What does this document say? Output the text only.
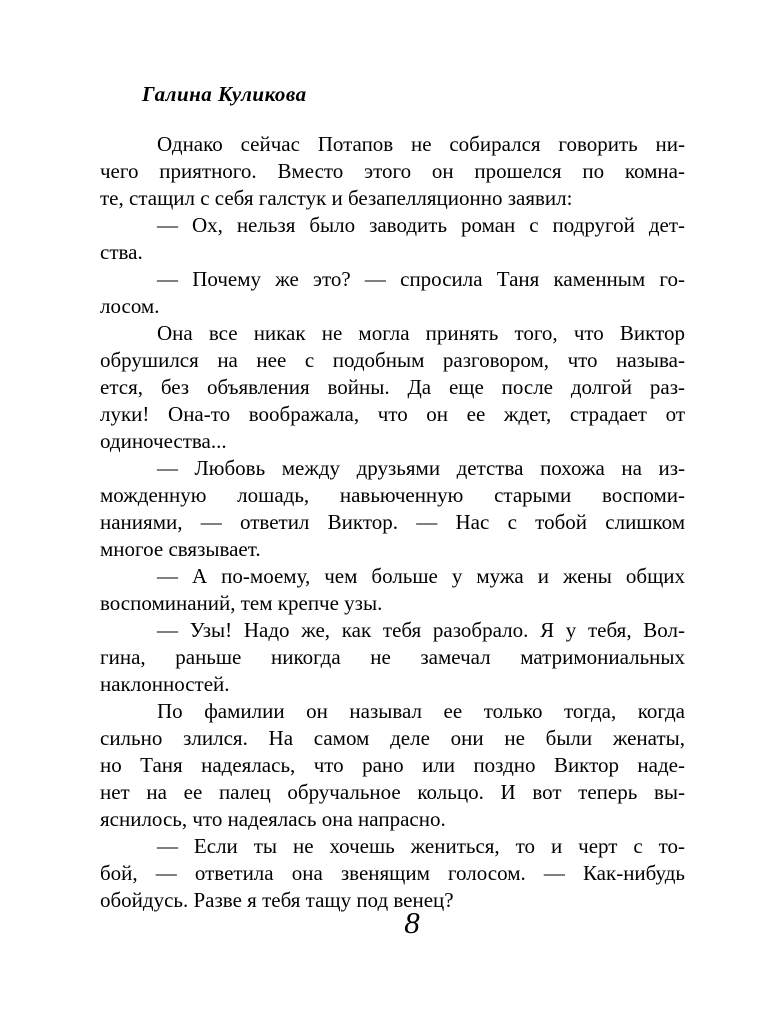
Галина Куликова
Однако сейчас Потапов не собирался говорить ни-
чего приятного. Вместо этого он прошелся по комна-
те, стащил с себя галстук и безапелляционно заявил:
— Ох, нельзя было заводить роман с подругой дет-
ства.
— Почему же это? — спросила Таня каменным го-
лосом.
Она все никак не могла принять того, что Виктор
обрушился на нее с подобным разговором, что называ-
ется, без объявления войны. Да еще после долгой раз-
луки! Она-то воображала, что он ее ждет, страдает от
одиночества...
— Любовь между друзьями детства похожа на из-
можденную лошадь, навьюченную старыми воспоми-
наниями, — ответил Виктор. — Нас с тобой слишком
многое связывает.
— А по-моему, чем больше у мужа и жены общих
воспоминаний, тем крепче узы.
— Узы! Надо же, как тебя разобрало. Я у тебя, Вол-
гина, раньше никогда не замечал матримониальных
наклонностей.
По фамилии он называл ее только тогда, когда
сильно злился. На самом деле они не были женаты,
но Таня надеялась, что рано или поздно Виктор наде-
нет на ее палец обручальное кольцо. И вот теперь вы-
яснилось, что надеялась она напрасно.
— Если ты не хочешь жениться, то и черт с то-
бой, — ответила она звенящим голосом. — Как-нибудь
обойдусь. Разве я тебя тащу под венец?
8
